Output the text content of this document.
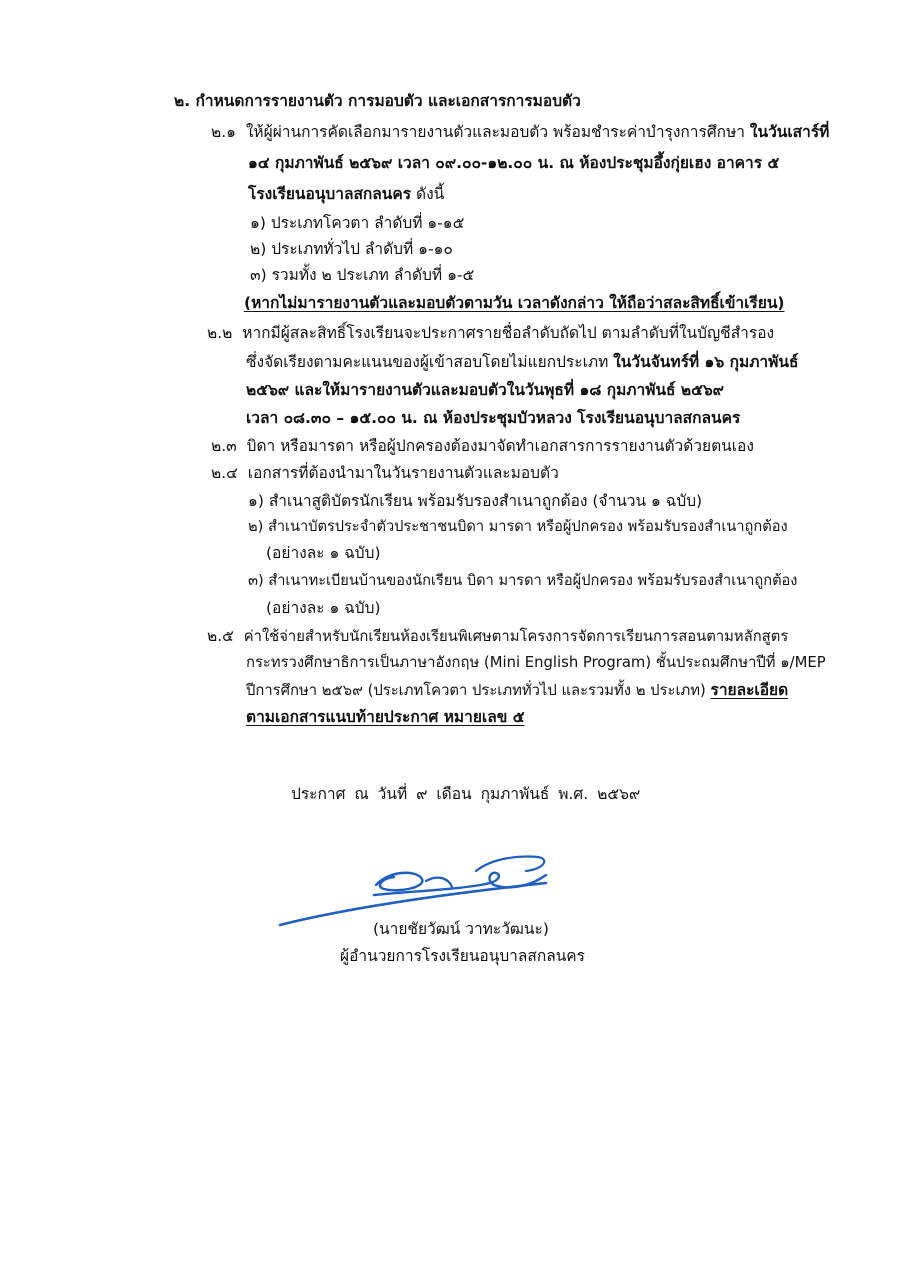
๒. กำหนดการรายงานตัว การมอบตัว และเอกสารการมอบตัว
๒.๑ ให้ผู้ผ่านการคัดเลือกมารายงานตัวและมอบตัว พร้อมชำระค่าบำรุงการศึกษา ในวันเสาร์ที่
๑๔ กุมภาพันธ์ ๒๕๖๙ เวลา ๐๙.๐๐-๑๒.๐๐ น. ณ ห้องประชุมอึ้งกุ่ยเฮง อาคาร ๕
โรงเรียนอนุบาลสกลนคร ดังนี้
๑) ประเภทโควตา ลำดับที่ ๑-๑๕
๒) ประเภททั่วไป ลำดับที่ ๑-๑๐
๓) รวมทั้ง ๒ ประเภท ลำดับที่ ๑-๕
(หากไม่มารายงานตัวและมอบตัวตามวัน เวลาดังกล่าว ให้ถือว่าสละสิทธิ์เข้าเรียน)
๒.๒ หากมีผู้สละสิทธิ์โรงเรียนจะประกาศรายชื่อลำดับถัดไป ตามลำดับที่ในบัญชีสำรอง
ซึ่งจัดเรียงตามคะแนนของผู้เข้าสอบโดยไม่แยกประเภท ในวันจันทร์ที่ ๑๖ กุมภาพันธ์
๒๕๖๙ และให้มารายงานตัวและมอบตัวในวันพุธที่ ๑๘ กุมภาพันธ์ ๒๕๖๙
เวลา ๐๘.๓๐ – ๑๕.๐๐ น. ณ ห้องประชุมบัวหลวง โรงเรียนอนุบาลสกลนคร
๒.๓ บิดา หรือมารดา หรือผู้ปกครองต้องมาจัดทำเอกสารการรายงานตัวด้วยตนเอง
๒.๔ เอกสารที่ต้องนำมาในวันรายงานตัวและมอบตัว
๑) สำเนาสูติบัตรนักเรียน พร้อมรับรองสำเนาถูกต้อง (จำนวน ๑ ฉบับ)
๒) สำเนาบัตรประจำตัวประชาชนบิดา มารดา หรือผู้ปกครอง พร้อมรับรองสำเนาถูกต้อง
(อย่างละ ๑ ฉบับ)
๓) สำเนาทะเบียนบ้านของนักเรียน บิดา มารดา หรือผู้ปกครอง พร้อมรับรองสำเนาถูกต้อง
(อย่างละ ๑ ฉบับ)
๒.๕ ค่าใช้จ่ายสำหรับนักเรียนห้องเรียนพิเศษตามโครงการจัดการเรียนการสอนตามหลักสูตร
กระทรวงศึกษาธิการเป็นภาษาอังกฤษ (Mini English Program) ชั้นประถมศึกษาปีที่ ๑/MEP
ปีการศึกษา ๒๕๖๙ (ประเภทโควตา ประเภททั่วไป และรวมทั้ง ๒ ประเภท) รายละเอียด
ตามเอกสารแนบท้ายประกาศ หมายเลข ๕
ประกาศ ณ วันที่ ๙ เดือน กุมภาพันธ์ พ.ศ. ๒๕๖๙
(นายชัยวัฒน์ วาทะวัฒนะ)
ผู้อำนวยการโรงเรียนอนุบาลสกลนคร
